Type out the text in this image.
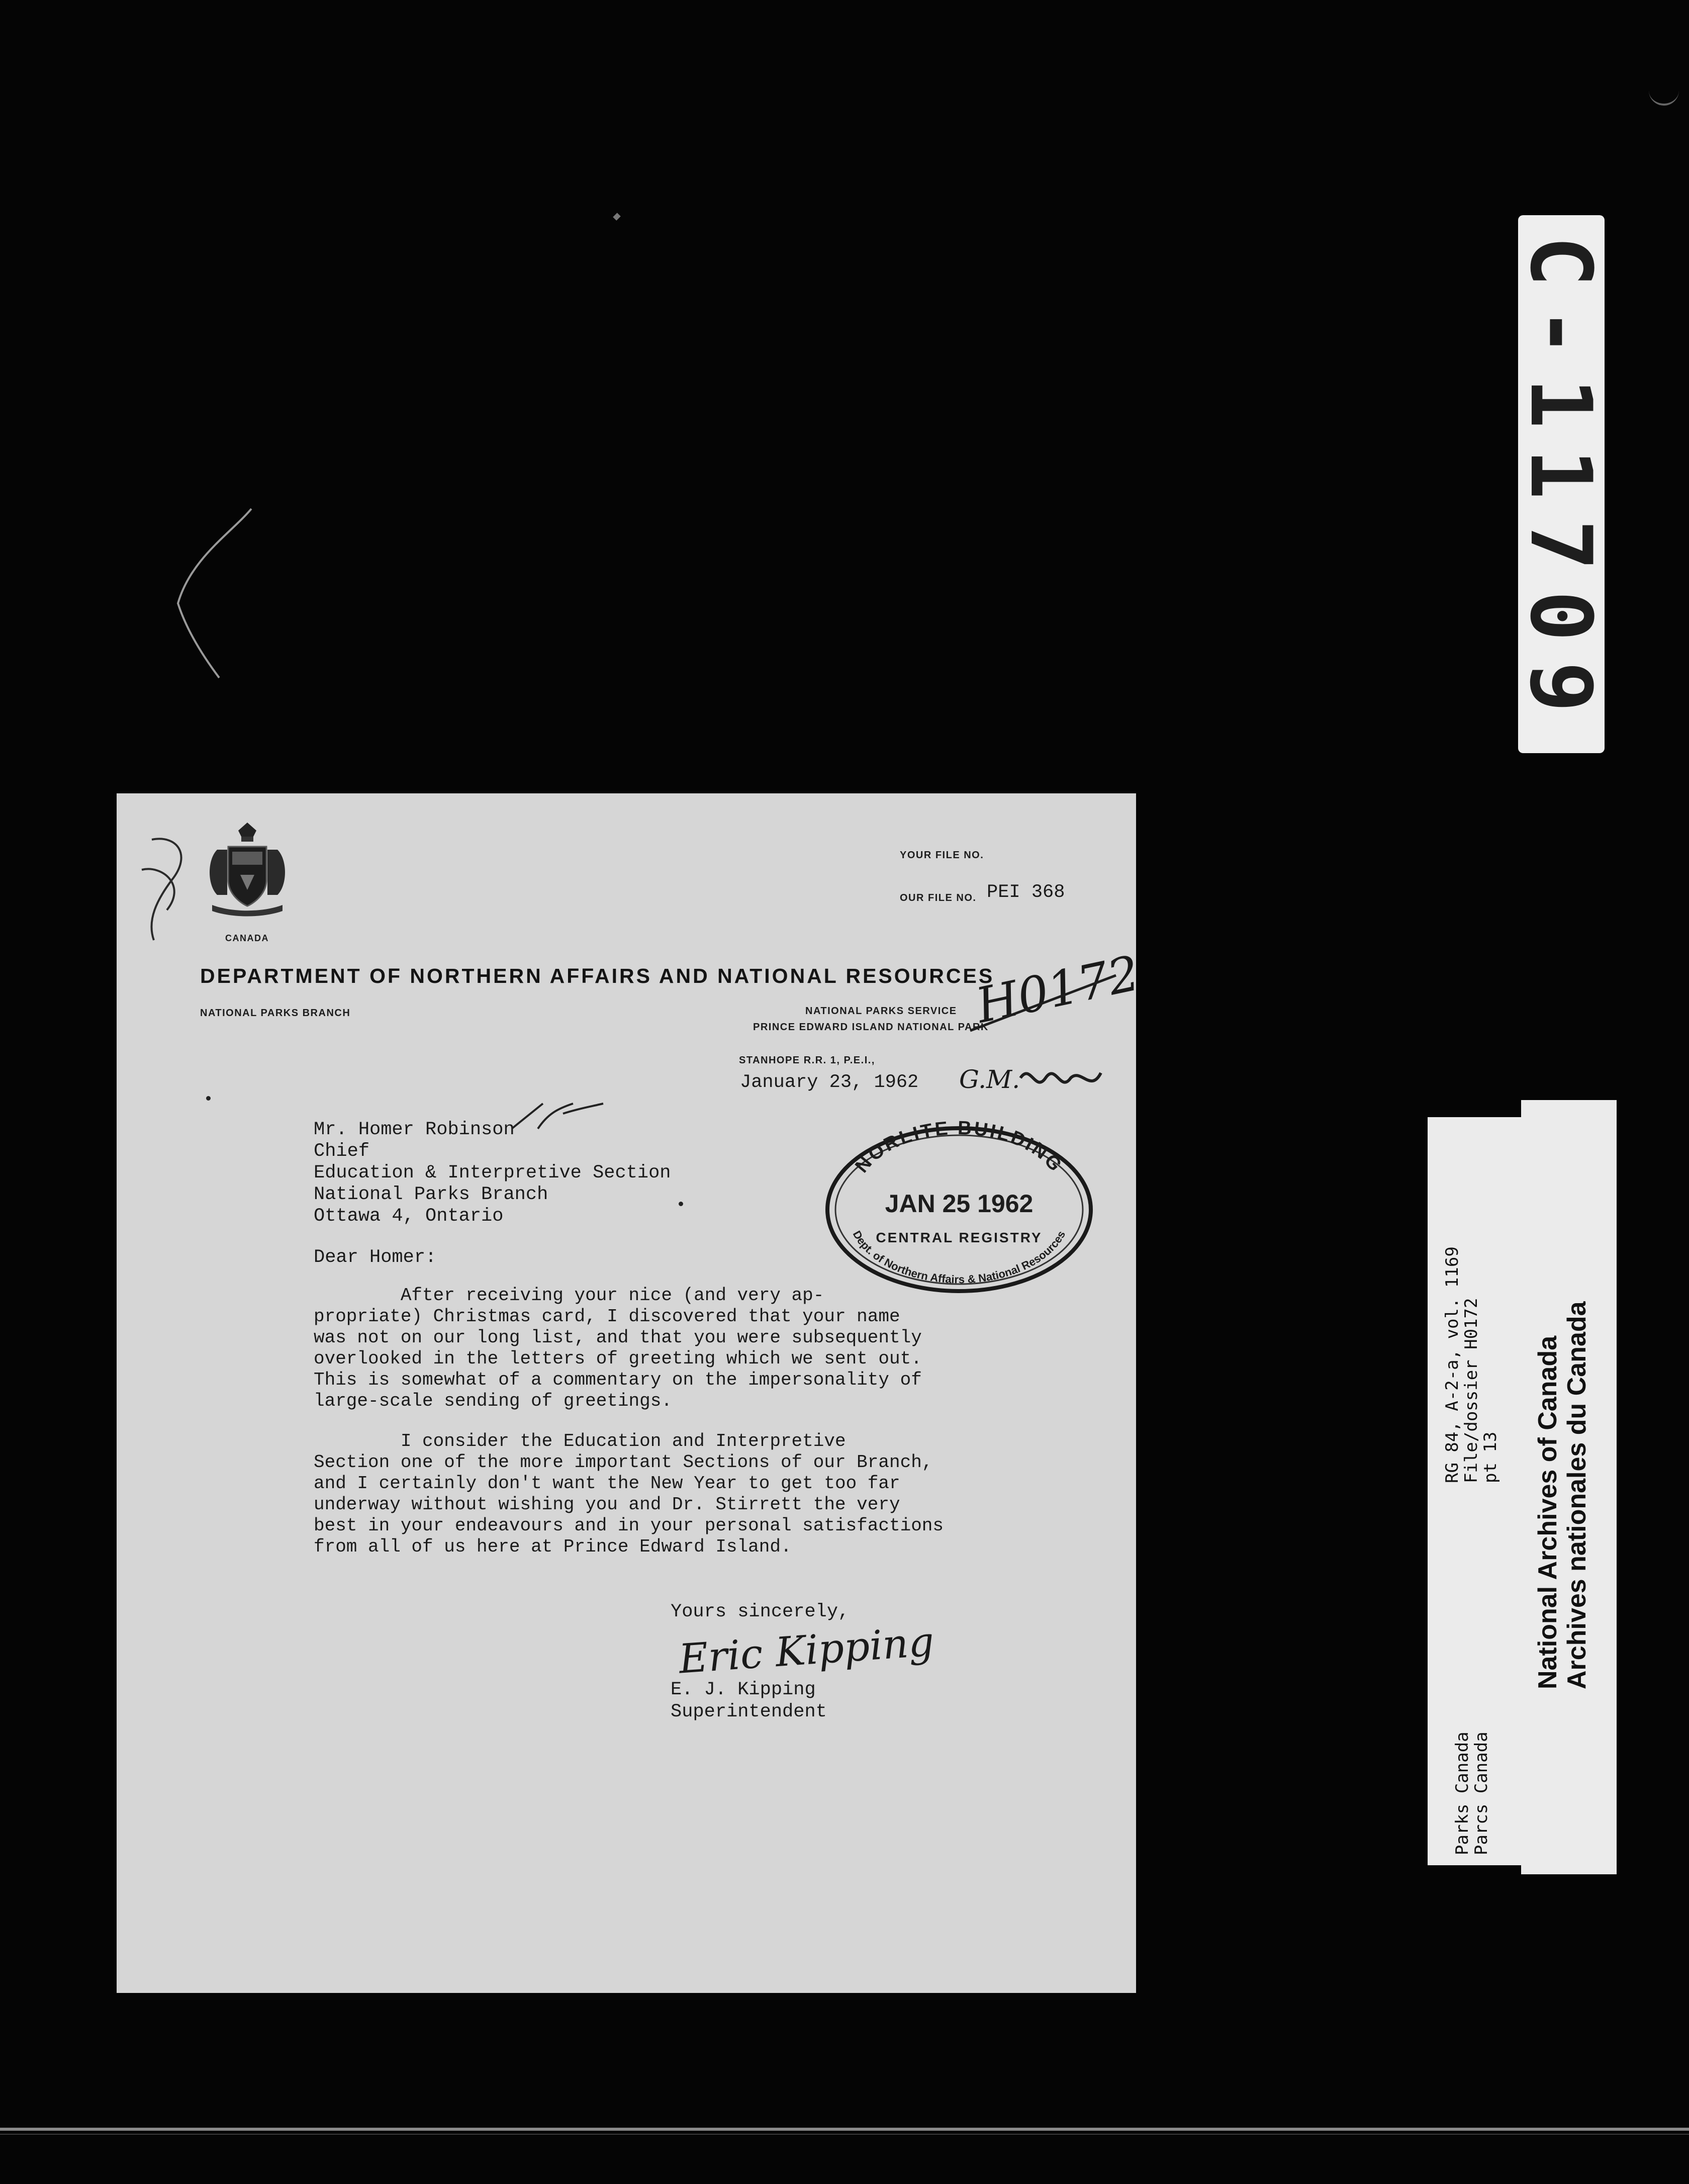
C-11709
RG 84, A-2-a, vol. 1169
File/dossier H0172
pt 13
Parks Canada
Parcs Canada
National Archives of Canada Archives nationales du Canada
CANADA
YOUR FILE NO.
OUR FILE NO. PEI 368
DEPARTMENT OF NORTHERN AFFAIRS AND NATIONAL RESOURCES
NATIONAL PARKS BRANCH	NATIONAL PARKS SERVICE
PRINCE EDWARD ISLAND NATIONAL PARK
STANHOPE R.R. 1, P.E.I.,
H0172
G.M.
January 23, 1962
Mr. Homer Robinson
Chief
Education & Interpretive Section
National Parks Branch
Ottawa 4, Ontario
Dear Homer:
After receiving your nice (and very ap-
propriate) Christmas card, I discovered that your name
was not on our long list, and that you were subsequently
overlooked in the letters of greeting which we sent out.
This is somewhat of a commentary on the impersonality of
large-scale sending of greetings.
I consider the Education and Interpretive
Section one of the more important Sections of our Branch,
and I certainly don't want the New Year to get too far
underway without wishing you and Dr. Stirrett the very
best in your endeavours and in your personal satisfactions
from all of us here at Prince Edward Island.
Yours sincerely,
Eric Kipping
E. J. Kipping
Superintendent
NORLITE BUILDING
JAN 25 1962
CENTRAL REGISTRY
Dept. of Northern Affairs & National Resources
